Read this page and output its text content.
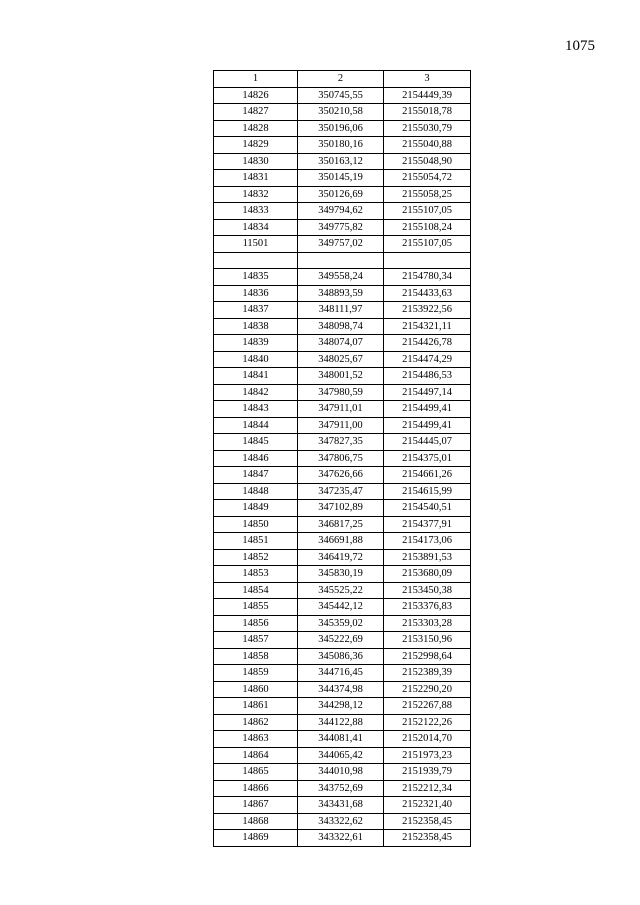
1075
1	2	3
14826	350745,55	2154449,39
14827	350210,58	2155018,78
14828	350196,06	2155030,79
14829	350180,16	2155040,88
14830	350163,12	2155048,90
14831	350145,19	2155054,72
14832	350126,69	2155058,25
14833	349794,62	2155107,05
14834	349775,82	2155108,24
11501	349757,02	2155107,05

14835	349558,24	2154780,34
14836	348893,59	2154433,63
14837	348111,97	2153922,56
14838	348098,74	2154321,11
14839	348074,07	2154426,78
14840	348025,67	2154474,29
14841	348001,52	2154486,53
14842	347980,59	2154497,14
14843	347911,01	2154499,41
14844	347911,00	2154499,41
14845	347827,35	2154445,07
14846	347806,75	2154375,01
14847	347626,66	2154661,26
14848	347235,47	2154615,99
14849	347102,89	2154540,51
14850	346817,25	2154377,91
14851	346691,88	2154173,06
14852	346419,72	2153891,53
14853	345830,19	2153680,09
14854	345525,22	2153450,38
14855	345442,12	2153376,83
14856	345359,02	2153303,28
14857	345222,69	2153150,96
14858	345086,36	2152998,64
14859	344716,45	2152389,39
14860	344374,98	2152290,20
14861	344298,12	2152267,88
14862	344122,88	2152122,26
14863	344081,41	2152014,70
14864	344065,42	2151973,23
14865	344010,98	2151939,79
14866	343752,69	2152212,34
14867	343431,68	2152321,40
14868	343322,62	2152358,45
14869	343322,61	2152358,45
